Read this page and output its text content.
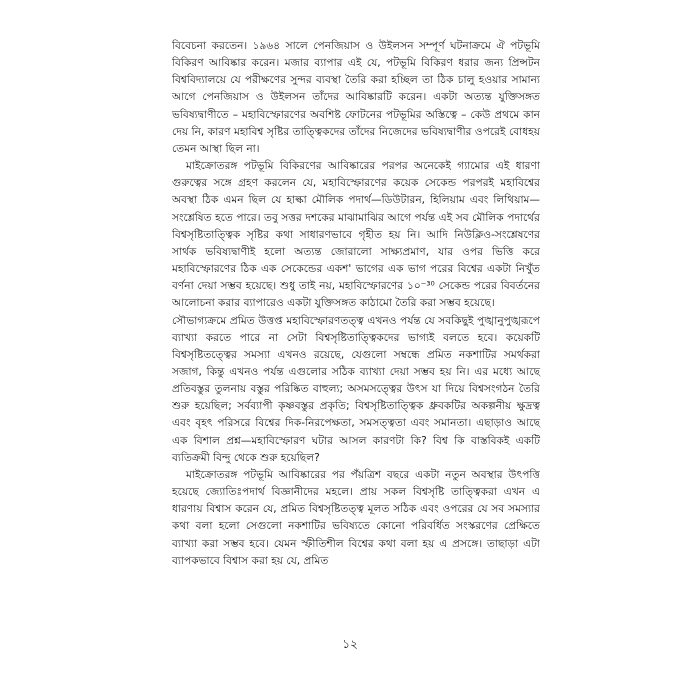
বিবেচনা করতেন। ১৯৬৪ সালে পেনজিয়াস ও উইলসন সম্পূর্ণ ঘটনাক্রমে ঐ পটভূমি বিকিরণ আবিষ্কার করেন। মজার ব্যাপার এই যে, পটভূমি বিকিরণ ধরার জন্য প্রিন্সটন বিশ্ববিদ্যালয়ে যে পরীক্ষণের সুন্দর ব্যবস্থা তৈরি করা হচ্ছিল তা ঠিক চালু হওয়ার সামান্য আগে পেনজিয়াস ও উইলসন তাঁদের আবিষ্কারটি করেন। একটা অত্যন্ত যুক্তিসঙ্গত ভবিষ্যদ্বাণীতে – মহাবিস্ফোরণের অবশিষ্ট ফোটনের পটভূমির অস্তিত্বে – কেউ প্রথমে কান দেয় নি, কারণ মহাবিশ্ব সৃষ্টির তাত্ত্বিকদের তাঁদের নিজেদের ভবিষ্যদ্বাণীর ওপরেই বোধহয় তেমন আস্থা ছিল না।

মাইক্রোতরঙ্গ পটভূমি বিকিরণের আবিষ্কারের পরপর অনেকেই গ্যামোর এই ধারণা গুরুত্বের সঙ্গে গ্রহণ করলেন যে, মহাবিস্ফোরণের কয়েক সেকেন্ড পরপরই মহাবিশ্বের অবস্থা ঠিক এমন ছিল যে হাল্কা মৌলিক পদার্থ—ডিউটারন, হিলিয়াম এবং লিথিয়াম—সংশ্লেষিত হতে পারে। তবু সত্তর দশকের মাঝামাঝির আগে পর্যন্ত এই সব মৌলিক পদার্থের বিশ্বসৃষ্টিতাত্ত্বিক সৃষ্টির কথা সাধারণভাবে গৃহীত হয় নি। আদি নিউক্লিও-সংশ্লেষণের সার্থক ভবিষ্যদ্বাণীই হলো অত্যন্ত জোরালো সাক্ষ্যপ্রমাণ, যার ওপর ভিত্তি করে মহাবিস্ফোরণের ঠিক এক সেকেন্ডের একশ' ভাগের এক ভাগ পরের বিশ্বের একটা নিখুঁত বর্ণনা দেয়া সম্ভব হয়েছে। শুধু তাই নয়, মহাবিস্ফোরণের ১০⁻³⁰ সেকেন্ড পরের বিবর্তনের আলোচনা করার ব্যাপারেও একটা যুক্তিসঙ্গত কাঠামো তৈরি করা সম্ভব হয়েছে।

সৌভাগ্যক্রমে প্রমিত উত্তপ্ত মহাবিস্ফোরণতত্ত্ব এখনও পর্যন্ত যে সবকিছুই পুঙ্খানুপুঙ্খরূপে ব্যাখ্যা করতে পারে না সেটা বিশ্বসৃষ্টিতাত্ত্বিকদের ভাগ্যই বলতে হবে। কয়েকটি বিশ্বসৃষ্টিতত্ত্বের সমস্যা এখনও রয়েছে, যেগুলো সম্বন্ধে প্রমিত নকশাটির সমর্থকরা সজাগ, কিন্তু এখনও পর্যন্ত এগুলোর সঠিক ব্যাখ্যা দেয়া সম্ভব হয় নি। এর মধ্যে আছে প্রতিবস্তুর তুলনায় বস্তুর পরিষ্কিত বাহুল্য; অসমসত্ত্বের উৎস যা দিয়ে বিশ্বসংগঠন তৈরি শুরু হয়েছিল; সর্বব্যাপী কৃষ্ণবস্তুর প্রকৃতি; বিশ্বসৃষ্টিতাত্ত্বিক ধ্রুবকটির অকল্পনীয় ক্ষুদ্রত্ব এবং বৃহৎ পরিসরে বিশ্বের দিক-নিরপেক্ষতা, সমসত্ত্বতা এবং সমানতা। এছাড়াও আছে এক বিশাল প্রশ্ন—মহাবিস্ফোরণ ঘটার আসল কারণটা কি? বিশ্ব কি বাস্তবিকই একটি ব্যতিক্রমী বিন্দু থেকে শুরু হয়েছিল?

মাইক্রোতরঙ্গ পটভূমি আবিষ্কারের পর পঁয়ত্রিশ বছরে একটা নতুন অবস্থার উৎপত্তি হয়েছে জ্যোতিঃপদার্থ বিজ্ঞানীদের মহলে। প্রায় সকল বিশ্বসৃষ্টি তাত্ত্বিকরা এখন এ ধারণায় বিশ্বাস করেন যে, প্রমিত বিশ্বসৃষ্টিতত্ত্ব মূলত সঠিক এবং ওপরের যে সব সমস্যার কথা বলা হলো সেগুলো নকশাটির ভবিষ্যতে কোনো পরিবর্ধিত সংস্করণের প্রেক্ষিতে ব্যাখ্যা করা সম্ভব হবে। যেমন স্ফীতিশীল বিশ্বের কথা বলা হয় এ প্রসঙ্গে। তাছাড়া এটা ব্যাপকভাবে বিশ্বাস করা হয় যে, প্রমিত

১২
